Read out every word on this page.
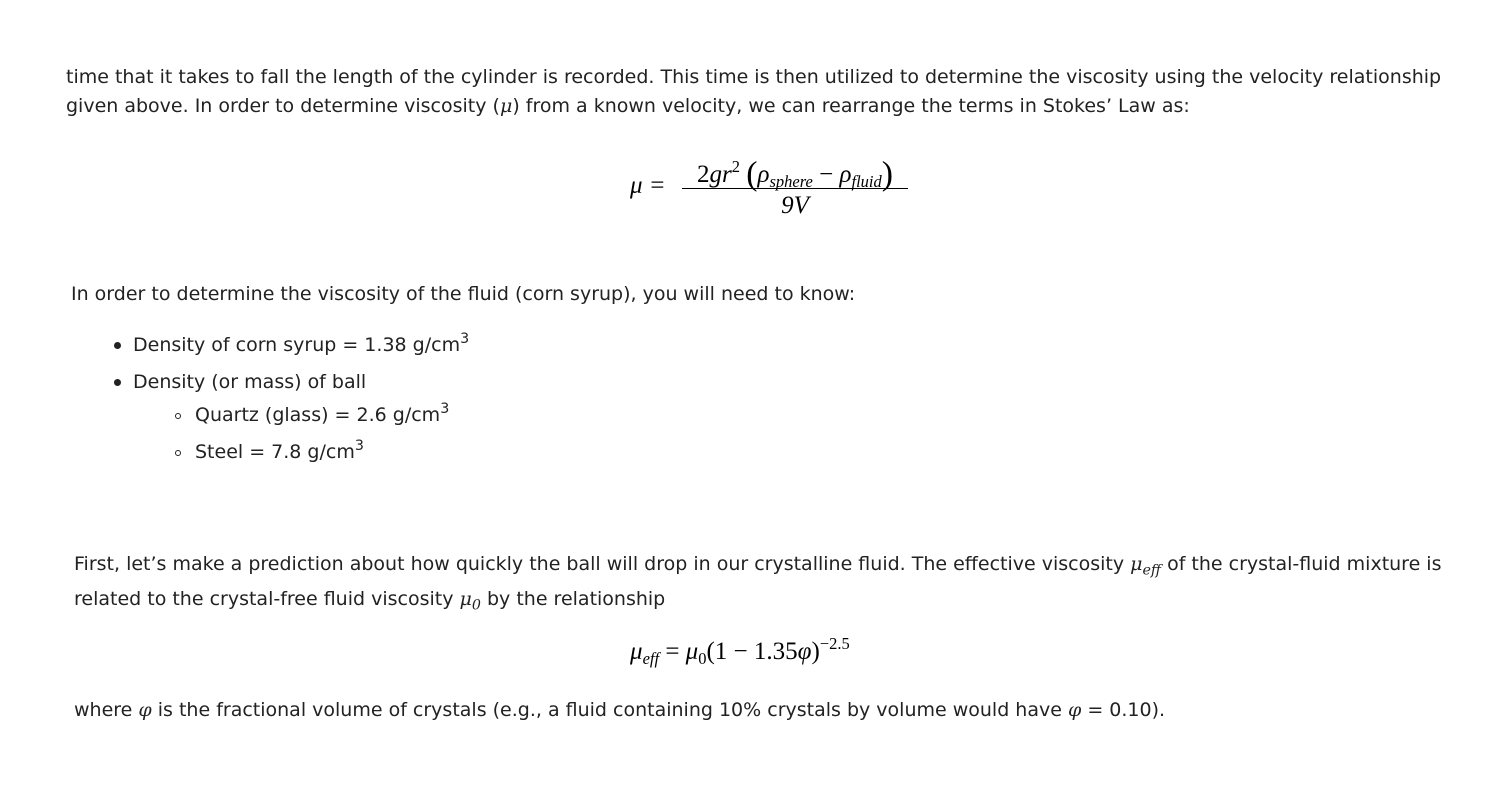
time that it takes to fall the length of the cylinder is recorded. This time is then utilized to determine the viscosity using the velocity relationship
given above. In order to determine viscosity (μ) from a known velocity, we can rearrange the terms in Stokes’ Law as:

μ =	$2gr^2$ (ρsphere − ρfluid)
9V

In order to determine the viscosity of the fluid (corn syrup), you will need to know:

Density of corn syrup = 1.38 $g/cm^3$
Density (or mass) of ball
Quartz (glass) = 2.6 $g/cm^3$
Steel = 7.8 $g/cm^3$

First, let’s make a prediction about how quickly the ball will drop in our crystalline fluid. The effective viscosity $\mu_{eff}$ of the crystal-fluid mixture is
related to the crystal-free fluid viscosity $\mu_0$ by the relationship

$\mu eff = \mu 0(1 - 1.35\varphi)^{-2.5}$

where φ is the fractional volume of crystals (e.g., a fluid containing 10% crystals by volume would have φ = 0.10).
